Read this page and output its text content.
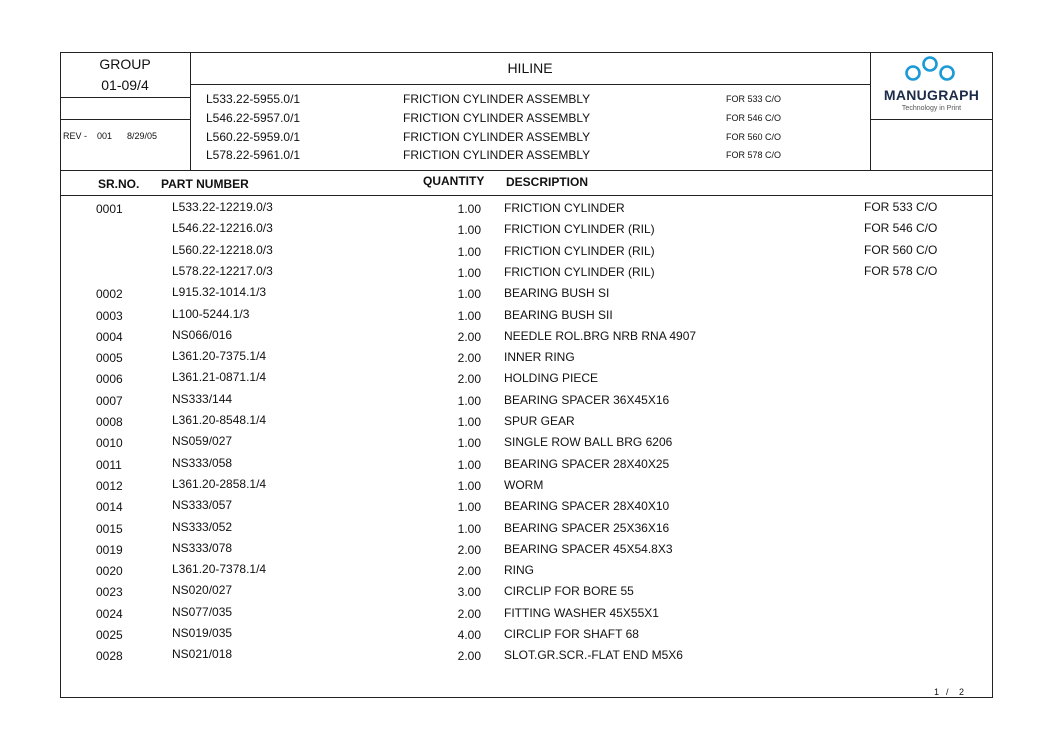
GROUP
01-09/4
REV - 001 8/29/05
HILINE
L533.22-5955.0/1	FRICTION CYLINDER ASSEMBLY	FOR 533 C/O
L546.22-5957.0/1	FRICTION CYLINDER ASSEMBLY	FOR 546 C/O
L560.22-5959.0/1	FRICTION CYLINDER ASSEMBLY	FOR 560 C/O
L578.22-5961.0/1	FRICTION CYLINDER ASSEMBLY	FOR 578 C/O
MANUGRAPH
Technology in Print
SR.NO. PART NUMBER	QUANTITY DESCRIPTION
0001	L533.22-12219.0/3	1.00 FRICTION CYLINDER	FOR 533 C/O
L546.22-12216.0/3	1.00 FRICTION CYLINDER (RIL)	FOR 546 C/O
L560.22-12218.0/3	1.00 FRICTION CYLINDER (RIL)	FOR 560 C/O
L578.22-12217.0/3	1.00 FRICTION CYLINDER (RIL)	FOR 578 C/O
0002	L915.32-1014.1/3	1.00 BEARING BUSH SI
0003	L100-5244.1/3	1.00 BEARING BUSH SII
0004	NS066/016	2.00 NEEDLE ROL.BRG NRB RNA 4907
0005	L361.20-7375.1/4	2.00 INNER RING
0006	L361.21-0871.1/4	2.00 HOLDING PIECE
0007	NS333/144	1.00 BEARING SPACER 36X45X16
0008	L361.20-8548.1/4	1.00 SPUR GEAR
0010	NS059/027	1.00 SINGLE ROW BALL BRG 6206
0011	NS333/058	1.00 BEARING SPACER 28X40X25
0012	L361.20-2858.1/4	1.00 WORM
0014	NS333/057	1.00 BEARING SPACER 28X40X10
0015	NS333/052	1.00 BEARING SPACER 25X36X16
0019	NS333/078	2.00 BEARING SPACER 45X54.8X3
0020	L361.20-7378.1/4	2.00 RING
0023	NS020/027	3.00 CIRCLIP FOR BORE 55
0024	NS077/035	2.00 FITTING WASHER 45X55X1
0025	NS019/035	4.00 CIRCLIP FOR SHAFT 68
0028	NS021/018	2.00 SLOT.GR.SCR.-FLAT END M5X6
1 / 2
